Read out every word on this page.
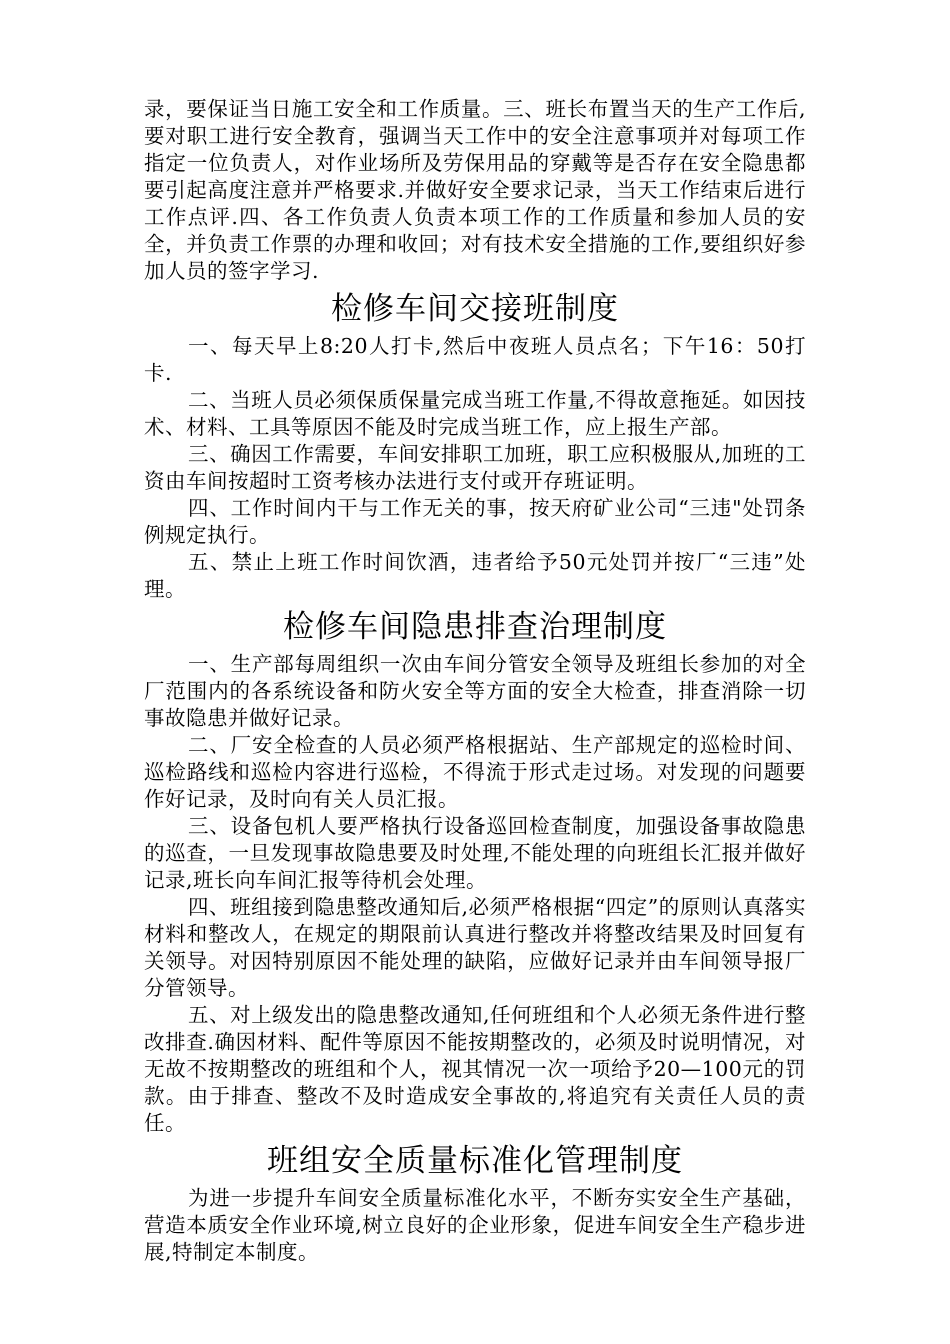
录，要保证当日施工安全和工作质量。三、班长布置当天的生产工作后,要对职工进行安全教育，强调当天工作中的安全注意事项并对每项工作指定一位负责人，对作业场所及劳保用品的穿戴等是否存在安全隐患都要引起高度注意并严格要求.并做好安全要求记录，当天工作结束后进行工作点评.四、各工作负责人负责本项工作的工作质量和参加人员的安全，并负责工作票的办理和收回；对有技术安全措施的工作,要组织好参加人员的签字学习.

检修车间交接班制度

一、每天早上8:20人打卡,然后中夜班人员点名；下午16：50打卡.

二、当班人员必须保质保量完成当班工作量,不得故意拖延。如因技术、材料、工具等原因不能及时完成当班工作，应上报生产部。

三、确因工作需要，车间安排职工加班，职工应积极服从,加班的工资由车间按超时工资考核办法进行支付或开存班证明。

四、工作时间内干与工作无关的事，按天府矿业公司“三违"处罚条例规定执行。

五、禁止上班工作时间饮酒，违者给予50元处罚并按厂“三违”处理。

检修车间隐患排查治理制度

一、生产部每周组织一次由车间分管安全领导及班组长参加的对全厂范围内的各系统设备和防火安全等方面的安全大检查，排查消除一切事故隐患并做好记录。

二、厂安全检查的人员必须严格根据站、生产部规定的巡检时间、巡检路线和巡检内容进行巡检，不得流于形式走过场。对发现的问题要作好记录，及时向有关人员汇报。

三、设备包机人要严格执行设备巡回检查制度，加强设备事故隐患的巡查，一旦发现事故隐患要及时处理,不能处理的向班组长汇报并做好记录,班长向车间汇报等待机会处理。

四、班组接到隐患整改通知后,必须严格根据“四定”的原则认真落实材料和整改人，在规定的期限前认真进行整改并将整改结果及时回复有关领导。对因特别原因不能处理的缺陷，应做好记录并由车间领导报厂分管领导。

五、对上级发出的隐患整改通知,任何班组和个人必须无条件进行整改排查.确因材料、配件等原因不能按期整改的，必须及时说明情况，对无故不按期整改的班组和个人，视其情况一次一项给予20—100元的罚款。由于排查、整改不及时造成安全事故的,将追究有关责任人员的责任。

班组安全质量标准化管理制度

为进一步提升车间安全质量标准化水平，不断夯实安全生产基础，营造本质安全作业环境,树立良好的企业形象，促进车间安全生产稳步进展,特制定本制度。
